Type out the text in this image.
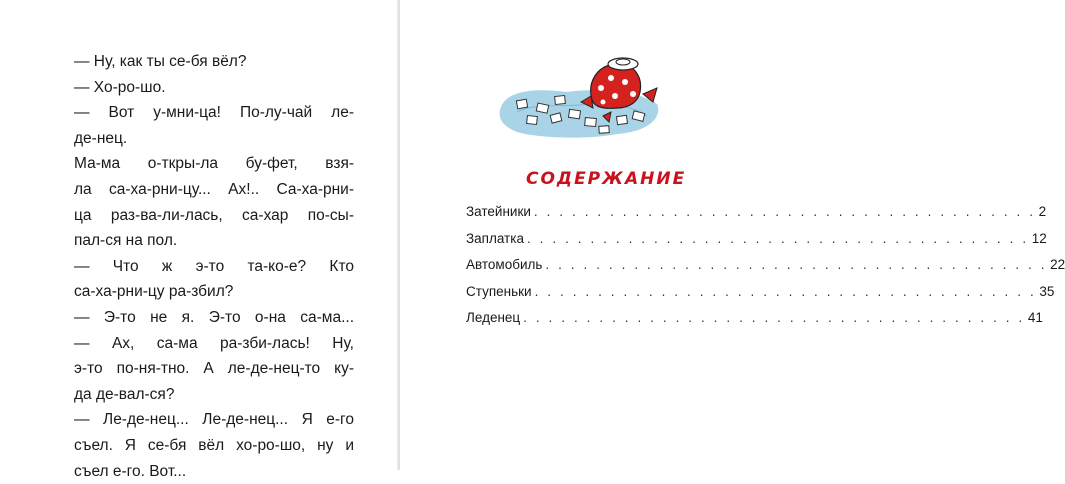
— Ну, как ты се-бя вёл?
— Хо-ро-шо.
— Вот у-мни-ца! По-лу-чай ле-
де-нец.
Ма-ма о-ткры-ла бу-фет, взя-
ла са-ха-рни-цу... Ах!.. Са-ха-рни-
ца раз-ва-ли-лась, са-хар по-сы-
пал-ся на пол.
— Что ж э-то та-ко-е? Кто
са-ха-рни-цу ра-збил?
— Э-то не я. Э-то о-на са-ма...
— Ах, са-ма ра-зби-лась! Ну,
э-то по-ня-тно. А ле-де-нец-то ку-
да де-вал-ся?
— Ле-де-нец... Ле-де-нец... Я е-го
съел. Я се-бя вёл хо-ро-шо, ну и
съел е-го. Вот...
СОДЕРЖАНИЕ
Затейники . . . . . . . . . . . . . . . . . . . . . . . . . . . . . . . . . . . . . . . . 2
Заплатка . . . . . . . . . . . . . . . . . . . . . . . . . . . . . . . . . . . . . . . . 12
Автомобиль . . . . . . . . . . . . . . . . . . . . . . . . . . . . . . . . . . . . . . . . 22
Ступеньки . . . . . . . . . . . . . . . . . . . . . . . . . . . . . . . . . . . . . . . . 35
Леденец . . . . . . . . . . . . . . . . . . . . . . . . . . . . . . . . . . . . . . . . 41
